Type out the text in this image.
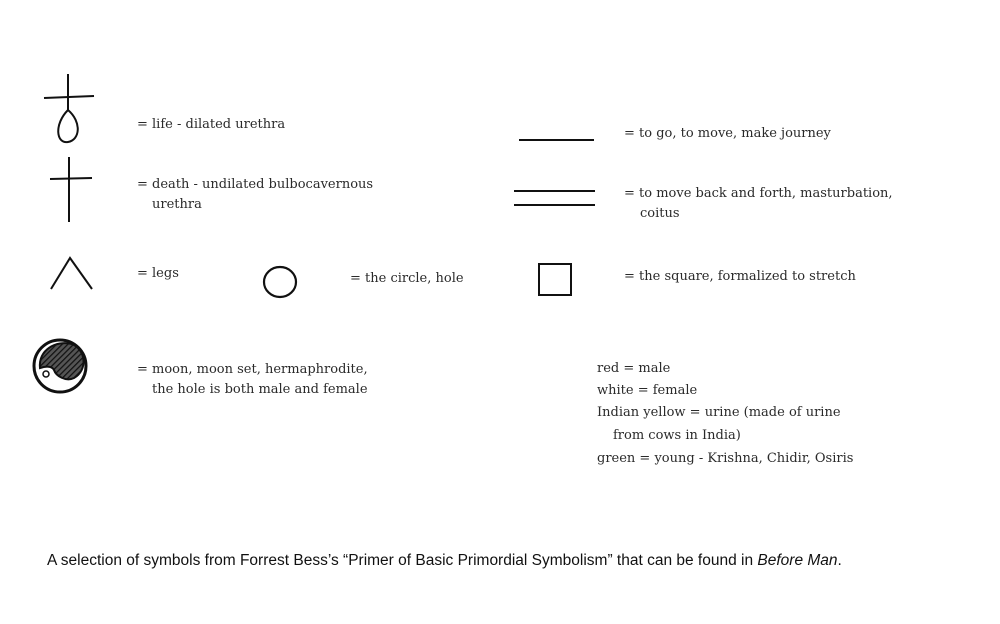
= life - dilated urethra
= death - undilated bulbocavernous
urethra
= legs	= the circle, hole
= moon, moon set, hermaphrodite,
the hole is both male and female
= to go, to move, make journey
= to move back and forth, masturbation,
coitus
= the square, formalized to stretch
red = male
white = female
Indian yellow = urine (made of urine
from cows in India)
green = young - Krishna, Chidir, Osiris
A selection of symbols from Forrest Bess’s “Primer of Basic Primordial Symbolism” that can be found in Before Man.
